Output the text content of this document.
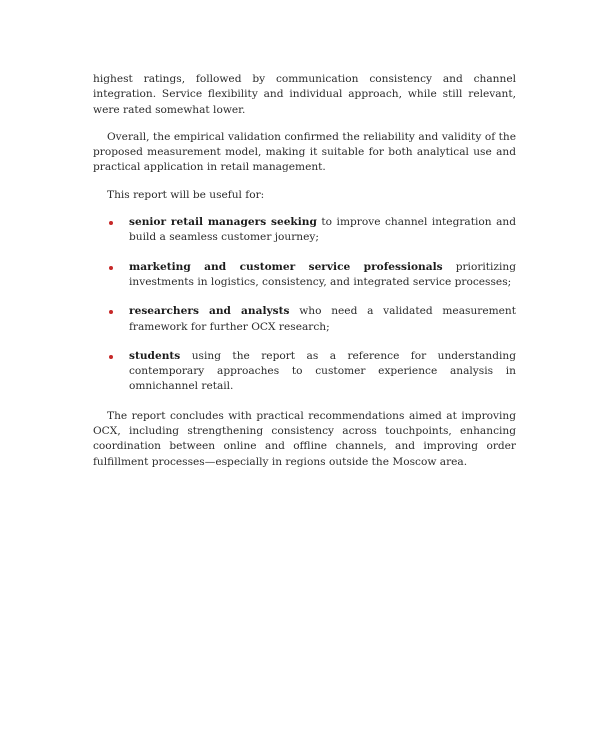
highest ratings, followed by communication consistency and channel integration. Service flexibility and individual approach, while still relevant, were rated somewhat lower.

Overall, the empirical validation confirmed the reliability and validity of the proposed measurement model, making it suitable for both analytical use and practical application in retail management.

This report will be useful for:

senior retail managers seeking to improve channel integration and build a seamless customer journey;
marketing and customer service professionals prioritizing investments in logistics, consistency, and integrated service processes;
researchers and analysts who need a validated measurement framework for further OCX research;
students using the report as a reference for understanding contemporary approaches to customer experience analysis in omnichannel retail.

The report concludes with practical recommendations aimed at improving OCX, including strengthening consistency across touchpoints, enhancing coordination between online and offline channels, and improving order fulfillment processes—especially in regions outside the Moscow area.
